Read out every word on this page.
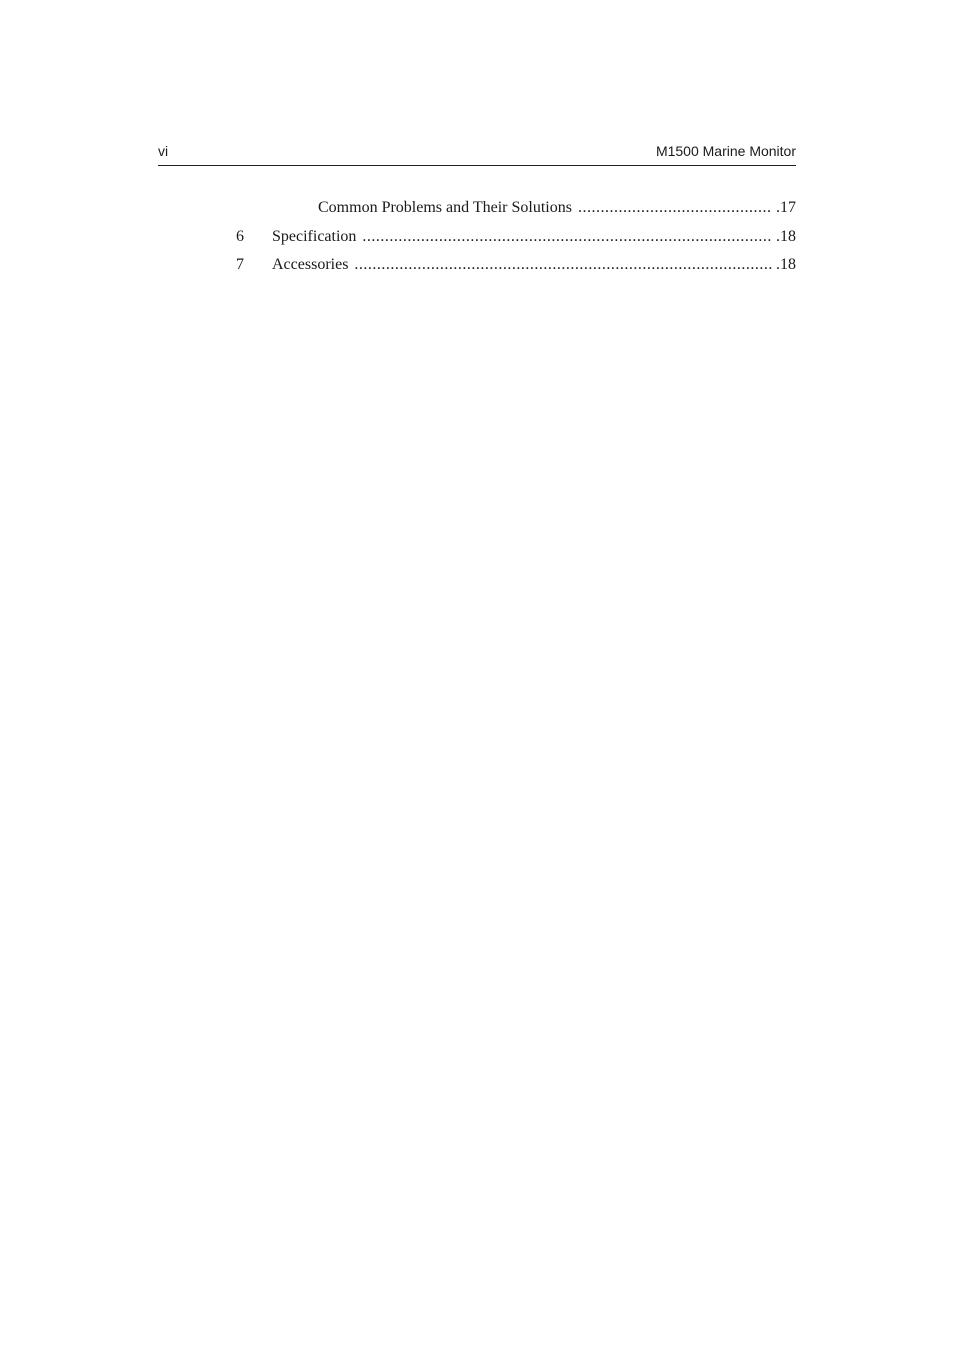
vi	M1500 Marine Monitor
Common Problems and Their Solutions .....	.17
6	Specification .....	.18
7	Accessories .....	.18
